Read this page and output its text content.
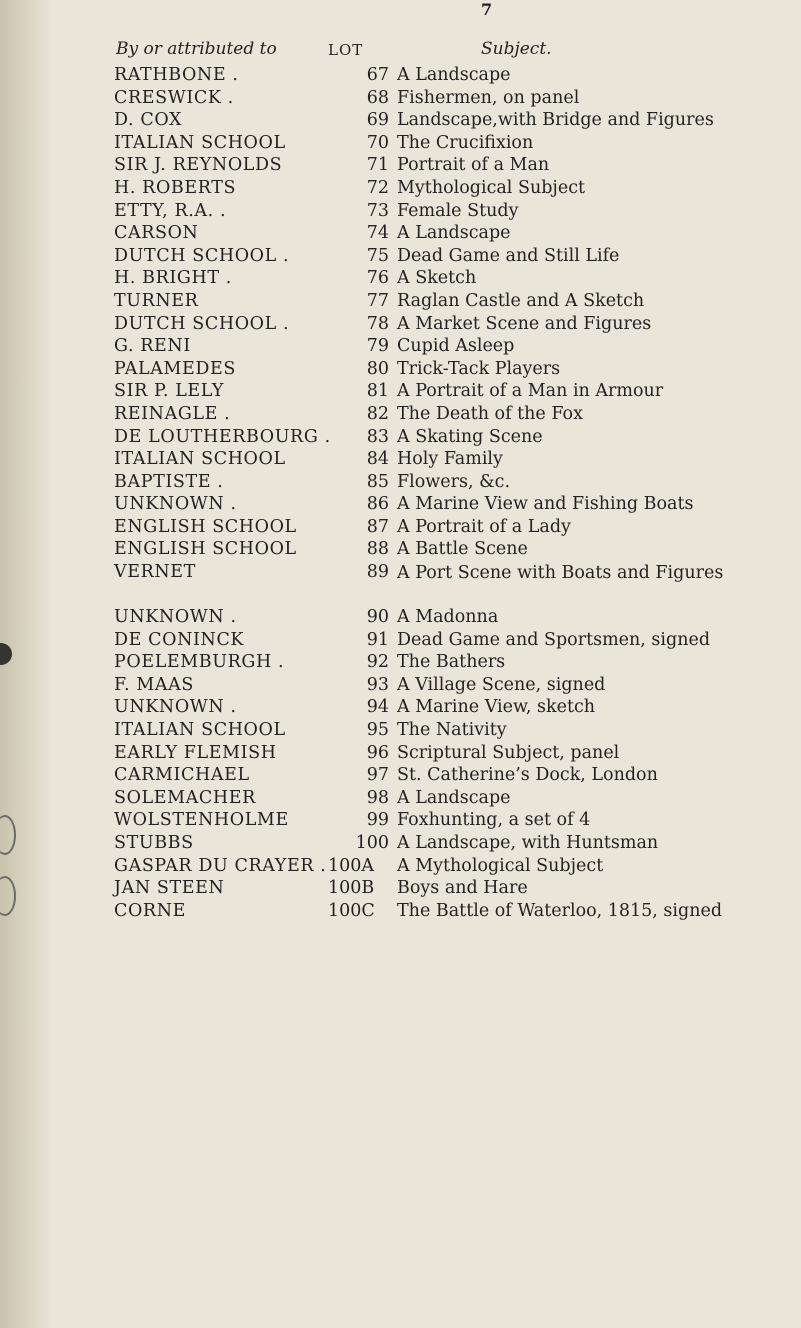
7
By or attributed to	LOT	Subject.
RATHBONE .	67 A Landscape
CRESWICK .	68 Fishermen, on panel
D. COX	69 Landscape,with Bridge and Figures
ITALIAN SCHOOL	70 The Crucifixion
SIR J. REYNOLDS	71 Portrait of a Man
H. ROBERTS	72 Mythological Subject
ETTY, R.A. .	73 Female Study
CARSON	74 A Landscape
DUTCH SCHOOL .	75 Dead Game and Still Life
H. BRIGHT .	76 A Sketch
TURNER	77 Raglan Castle and A Sketch
DUTCH SCHOOL .	78 A Market Scene and Figures
G. RENI	79 Cupid Asleep
PALAMEDES	80 Trick-Tack Players
SIR P. LELY	81 A Portrait of a Man in Armour
REINAGLE .	82 The Death of the Fox
DE LOUTHERBOURG .	83 A Skating Scene
ITALIAN SCHOOL	84 Holy Family
BAPTISTE .	85 Flowers, &c.
UNKNOWN .	86 A Marine View and Fishing Boats
ENGLISH SCHOOL	87 A Portrait of a Lady
ENGLISH SCHOOL	88 A Battle Scene
VERNET	89 A Port Scene with Boats and Figures
UNKNOWN .	90 A Madonna
DE CONINCK	91 Dead Game and Sportsmen, signed
POELEMBURGH .	92 The Bathers
F. MAAS	93 A Village Scene, signed
UNKNOWN .	94 A Marine View, sketch
ITALIAN SCHOOL	95 The Nativity
EARLY FLEMISH	96 Scriptural Subject, panel
CARMICHAEL	97 St. Catherine’s Dock, London
SOLEMACHER	98 A Landscape
WOLSTENHOLME	99 Foxhunting, a set of 4
STUBBS	100 A Landscape, with Huntsman
GASPAR DU CRAYER . 100A	A Mythological Subject
JAN STEEN	100B	Boys and Hare
CORNE	100C	The Battle of Waterloo, 1815, signed
